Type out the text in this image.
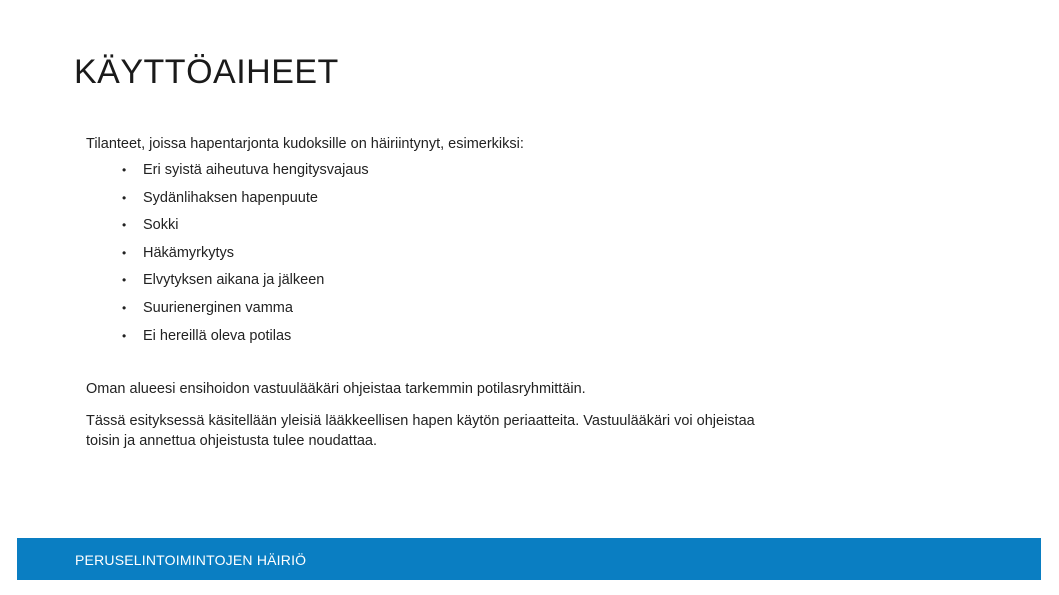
KÄYTTÖAIHEET

Tilanteet, joissa hapentarjonta kudoksille on häiriintynyt, esimerkiksi:

• Eri syistä aiheutuva hengitysvajaus
• Sydänlihaksen hapenpuute
• Sokki
• Häkämyrkytys
• Elvytyksen aikana ja jälkeen
• Suurienerginen vamma
• Ei hereillä oleva potilas

Oman alueesi ensihoidon vastuulääkäri ohjeistaa tarkemmin potilasryhmittäin.

Tässä esityksessä käsitellään yleisiä lääkkeellisen hapen käytön periaatteita. Vastuulääkäri voi ohjeistaa toisin ja annettua ohjeistusta tulee noudattaa.

PERUSELINTOIMINTOJEN HÄIRIÖ
